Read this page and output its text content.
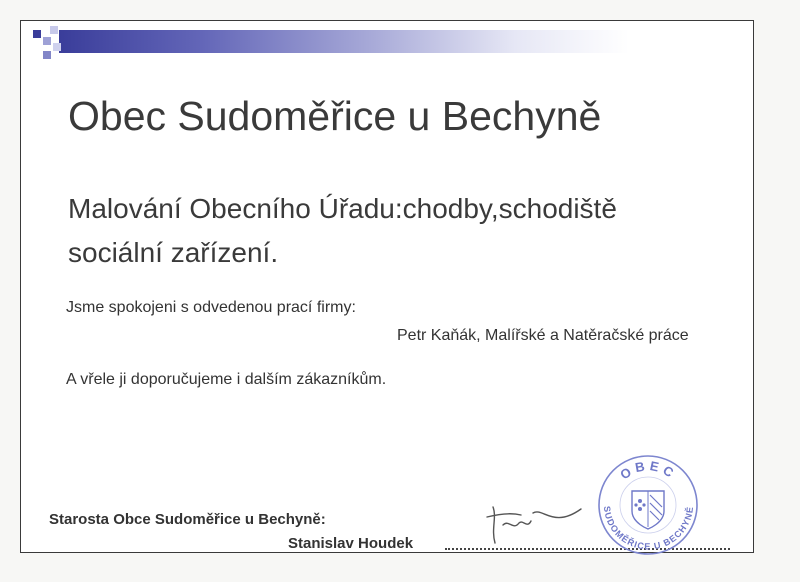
Obec Sudoměřice u Bechyně
Malování Obecního Úřadu:chodby,schodiště
sociální zařízení.

Jsme spokojeni s odvedenou prací firmy:

Petr Kaňák, Malířské a Natěračské práce

A vřele ji doporučujeme i dalším zákazníkům.

Starosta Obce Sudoměřice u Bechyně:

Stanislav Houdek

OBEC
SUDOMĚŘICE U BECHYNĚ
